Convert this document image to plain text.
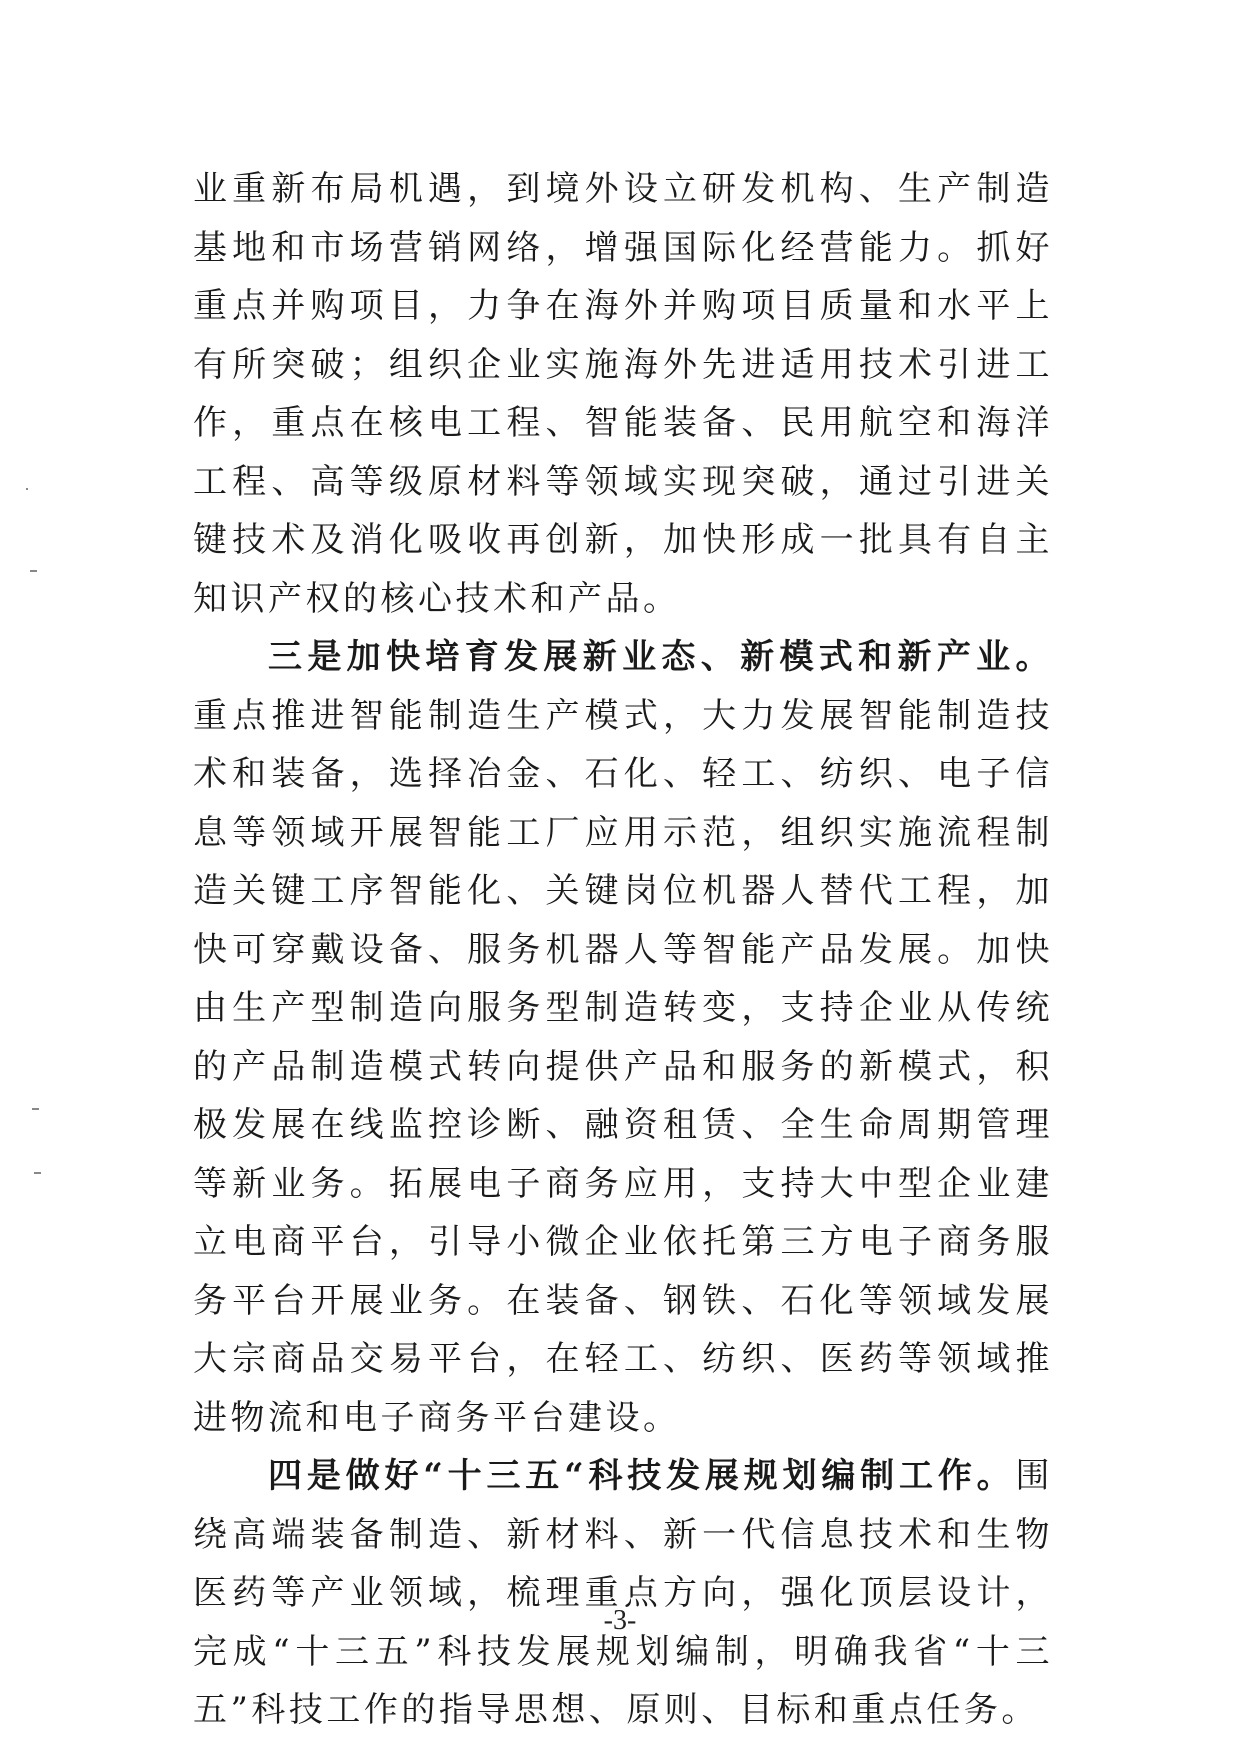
业重新布局机遇，到境外设立研发机构、生产制造基地和市场营销网络，增强国际化经营能力。抓好重点并购项目，力争在海外并购项目质量和水平上有所突破；组织企业实施海外先进适用技术引进工作，重点在核电工程、智能装备、民用航空和海洋工程、高等级原材料等领域实现突破，通过引进关键技术及消化吸收再创新，加快形成一批具有自主知识产权的核心技术和产品。

三是加快培育发展新业态、新模式和新产业。重点推进智能制造生产模式，大力发展智能制造技术和装备，选择冶金、石化、轻工、纺织、电子信息等领域开展智能工厂应用示范，组织实施流程制造关键工序智能化、关键岗位机器人替代工程，加快可穿戴设备、服务机器人等智能产品发展。加快由生产型制造向服务型制造转变，支持企业从传统的产品制造模式转向提供产品和服务的新模式，积极发展在线监控诊断、融资租赁、全生命周期管理等新业务。拓展电子商务应用，支持大中型企业建立电商平台，引导小微企业依托第三方电子商务服务平台开展业务。在装备、钢铁、石化等领域发展大宗商品交易平台，在轻工、纺织、医药等领域推进物流和电子商务平台建设。

四是做好“十三五“科技发展规划编制工作。围绕高端装备制造、新材料、新一代信息技术和生物医药等产业领域，梳理重点方向，强化顶层设计，完成“十三五”科技发展规划编制，明确我省“十三五”科技工作的指导思想、原则、目标和重点任务。

-3-
